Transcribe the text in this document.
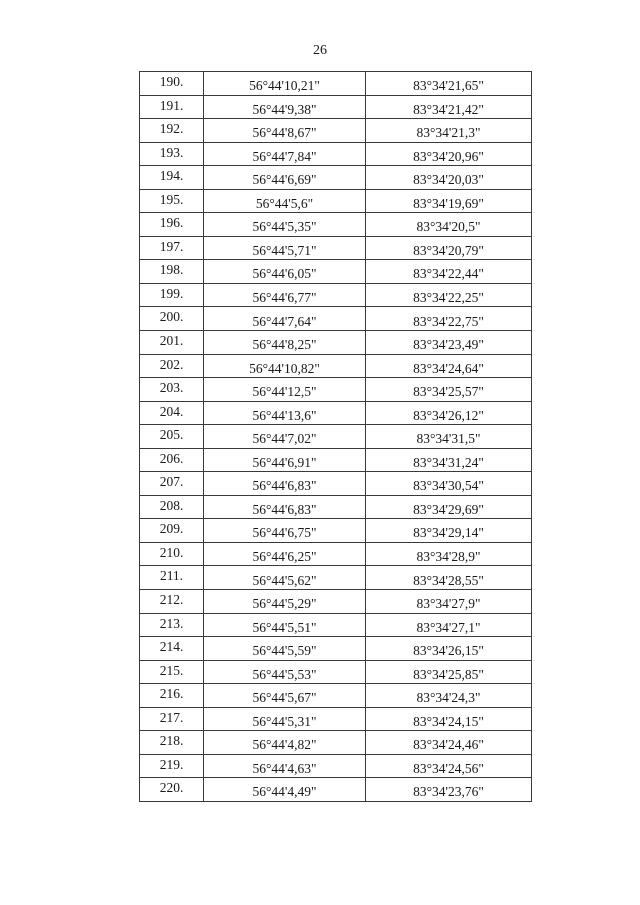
26
190.	56°44'10,21"	83°34'21,65"
191.	56°44'9,38"	83°34'21,42"
192.	56°44'8,67"	83°34'21,3"
193.	56°44'7,84"	83°34'20,96"
194.	56°44'6,69"	83°34'20,03"
195.	56°44'5,6"	83°34'19,69"
196.	56°44'5,35"	83°34'20,5"
197.	56°44'5,71"	83°34'20,79"
198.	56°44'6,05"	83°34'22,44"
199.	56°44'6,77"	83°34'22,25"
200.	56°44'7,64"	83°34'22,75"
201.	56°44'8,25"	83°34'23,49"
202.	56°44'10,82"	83°34'24,64"
203.	56°44'12,5"	83°34'25,57"
204.	56°44'13,6"	83°34'26,12"
205.	56°44'7,02"	83°34'31,5"
206.	56°44'6,91"	83°34'31,24"
207.	56°44'6,83"	83°34'30,54"
208.	56°44'6,83"	83°34'29,69"
209.	56°44'6,75"	83°34'29,14"
210.	56°44'6,25"	83°34'28,9"
211.	56°44'5,62"	83°34'28,55"
212.	56°44'5,29"	83°34'27,9"
213.	56°44'5,51"	83°34'27,1"
214.	56°44'5,59"	83°34'26,15"
215.	56°44'5,53"	83°34'25,85"
216.	56°44'5,67"	83°34'24,3"
217.	56°44'5,31"	83°34'24,15"
218.	56°44'4,82"	83°34'24,46"
219.	56°44'4,63"	83°34'24,56"
220.	56°44'4,49"	83°34'23,76"
